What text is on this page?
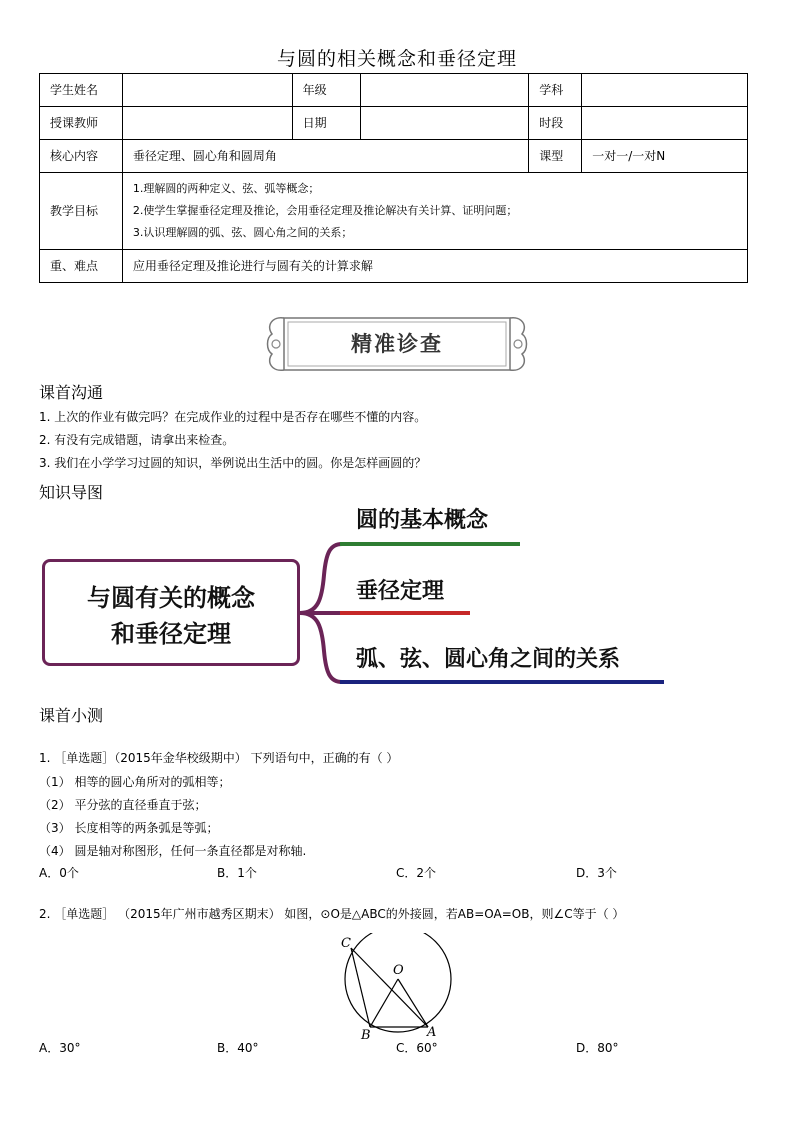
与圆的相关概念和垂径定理
学生姓名		年级		学科	
授课教师		日期		时段	
核心内容	垂径定理、圆心角和圆周角			课型	一对一/一对N
教学目标	1.理解圆的两种定义、弦、弧等概念；
2.使学生掌握垂径定理及推论，会用垂径定理及推论解决有关计算、证明问题；
3.认识理解圆的弧、弦、圆心角之间的关系；				

重、难点	应用垂径定理及推论进行与圆有关的计算求解				
精准诊查
课首沟通
1. 上次的作业有做完吗？在完成作业的过程中是否存在哪些不懂的内容。
2. 有没有完成错题，请拿出来检查。
3. 我们在小学学习过圆的知识，举例说出生活中的圆。你是怎样画圆的？
知识导图
与圆有关的概念
和垂径定理
圆的基本概念
垂径定理
弧、弦、圆心角之间的关系
课首小测
1. ［单选题］（2015年金华校级期中） 下列语句中，正确的有（ ）
（1） 相等的圆心角所对的弧相等；
（2） 平分弦的直径垂直于弦；
（3） 长度相等的两条弧是等弧；
（4） 圆是轴对称图形，任何一条直径都是对称轴.
A．0个	B．1个	C．2个	D．3个
2. ［单选题］ （2015年广州市越秀区期末） 如图，⊙O是△ABC的外接圆，若AB=OA=OB，则∠C等于（ ）
C
O
B	A
A．30°	B．40°	C．60°	D．80°
